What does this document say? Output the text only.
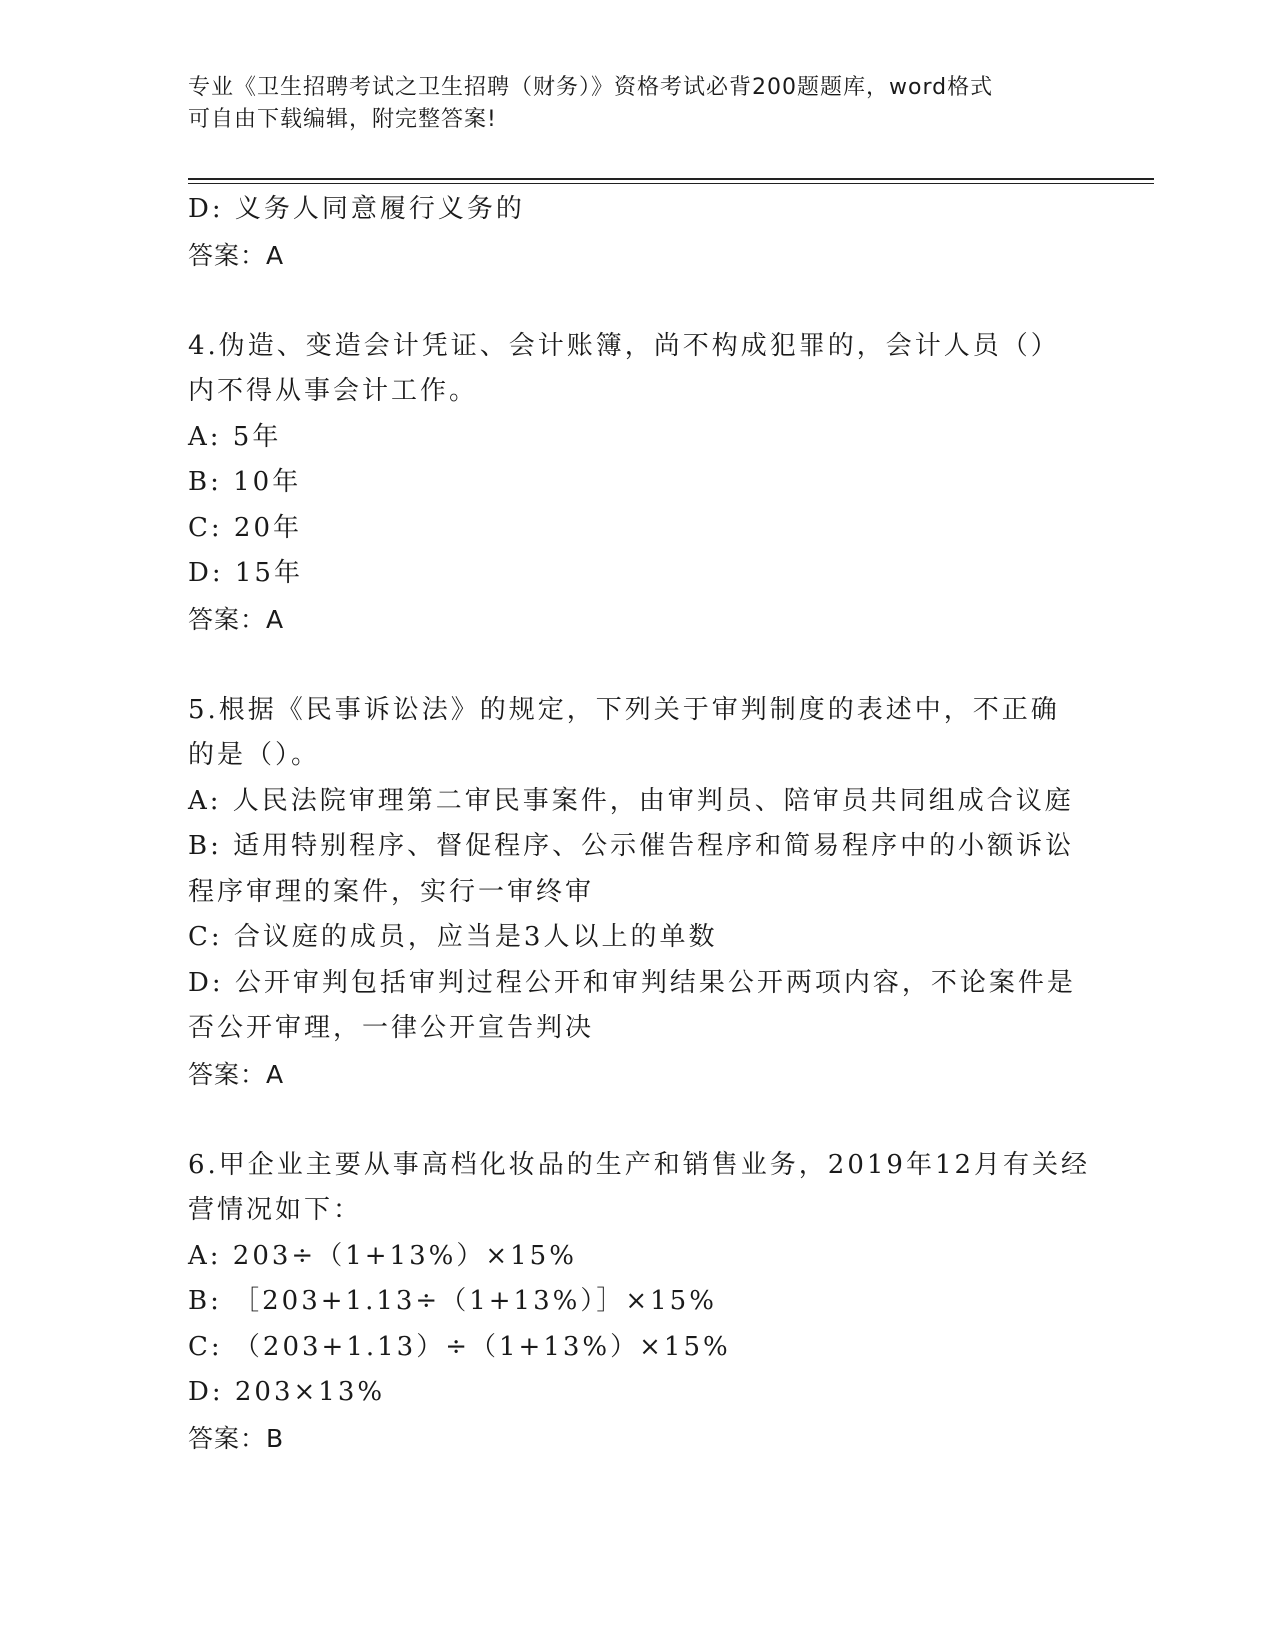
专业《卫生招聘考试之卫生招聘（财务）》资格考试必背200题题库，word格式
可自由下载编辑，附完整答案!
D: 义务人同意履行义务的
答案：A
4.伪造、变造会计凭证、会计账簿，尚不构成犯罪的，会计人员（）
内不得从事会计工作。
A: 5年
B: 10年
C: 20年
D: 15年
答案：A
5.根据《民事诉讼法》的规定，下列关于审判制度的表述中，不正确
的是（）。
A: 人民法院审理第二审民事案件，由审判员、陪审员共同组成合议庭
B: 适用特别程序、督促程序、公示催告程序和简易程序中的小额诉讼
程序审理的案件，实行一审终审
C: 合议庭的成员，应当是3人以上的单数
D: 公开审判包括审判过程公开和审判结果公开两项内容，不论案件是
否公开审理，一律公开宣告判决
答案：A
6.甲企业主要从事高档化妆品的生产和销售业务，2019年12月有关经
营情况如下：
A: 203÷（1+13%）×15%
B: ［203+1.13÷（1+13%）］×15%
C: （203+1.13）÷（1+13%）×15%
D: 203×13%
答案：B
